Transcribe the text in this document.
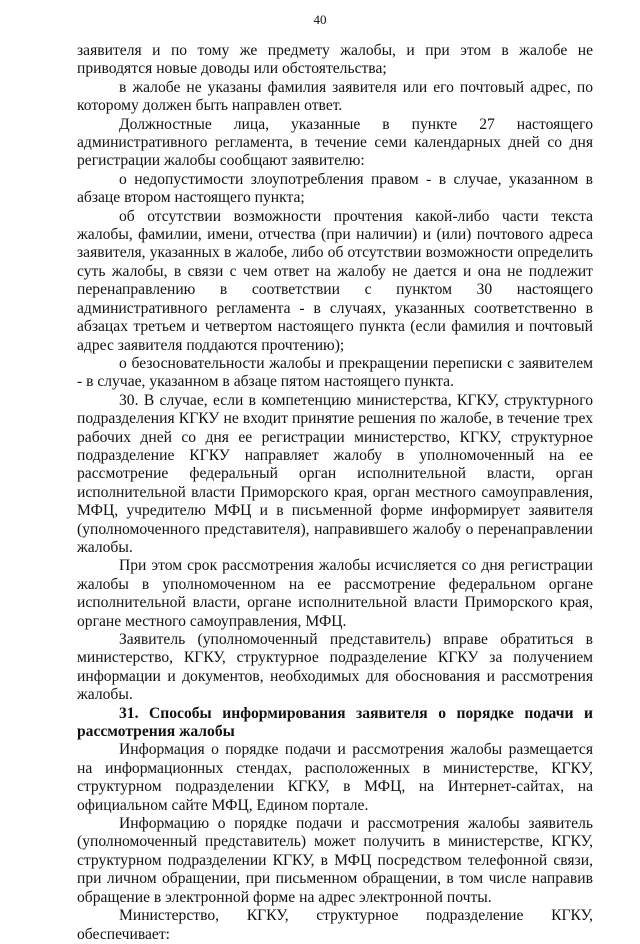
40

заявителя и по тому же предмету жалобы, и при этом в жалобе не приводятся новые доводы или обстоятельства;

в жалобе не указаны фамилия заявителя или его почтовый адрес, по которому должен быть направлен ответ.

Должностные лица, указанные в пункте 27 настоящего административного регламента, в течение семи календарных дней со дня регистрации жалобы сообщают заявителю:

о недопустимости злоупотребления правом - в случае, указанном в абзаце втором настоящего пункта;

об отсутствии возможности прочтения какой-либо части текста жалобы, фамилии, имени, отчества (при наличии) и (или) почтового адреса заявителя, указанных в жалобе, либо об отсутствии возможности определить суть жалобы, в связи с чем ответ на жалобу не дается и она не подлежит перенаправлению в соответствии с пунктом 30 настоящего административного регламента - в случаях, указанных соответственно в абзацах третьем и четвертом настоящего пункта (если фамилия и почтовый адрес заявителя поддаются прочтению);

о безосновательности жалобы и прекращении переписки с заявителем - в случае, указанном в абзаце пятом настоящего пункта.

30. В случае, если в компетенцию министерства, КГКУ, структурного подразделения КГКУ не входит принятие решения по жалобе, в течение трех рабочих дней со дня ее регистрации министерство, КГКУ, структурное подразделение КГКУ направляет жалобу в уполномоченный на ее рассмотрение федеральный орган исполнительной власти, орган исполнительной власти Приморского края, орган местного самоуправления, МФЦ, учредителю МФЦ и в письменной форме информирует заявителя (уполномоченного представителя), направившего жалобу о перенаправлении жалобы.

При этом срок рассмотрения жалобы исчисляется со дня регистрации жалобы в уполномоченном на ее рассмотрение федеральном органе исполнительной власти, органе исполнительной власти Приморского края, органе местного самоуправления, МФЦ.

Заявитель (уполномоченный представитель) вправе обратиться в министерство, КГКУ, структурное подразделение КГКУ за получением информации и документов, необходимых для обоснования и рассмотрения жалобы.

31. Способы информирования заявителя о порядке подачи и рассмотрения жалобы

Информация о порядке подачи и рассмотрения жалобы размещается на информационных стендах, расположенных в министерстве, КГКУ, структурном подразделении КГКУ, в МФЦ, на Интернет-сайтах, на официальном сайте МФЦ, Едином портале.

Информацию о порядке подачи и рассмотрения жалобы заявитель (уполномоченный представитель) может получить в министерстве, КГКУ, структурном подразделении КГКУ, в МФЦ посредством телефонной связи, при личном обращении, при письменном обращении, в том числе направив обращение в электронной форме на адрес электронной почты.

Министерство, КГКУ, структурное подразделение КГКУ, обеспечивает:
